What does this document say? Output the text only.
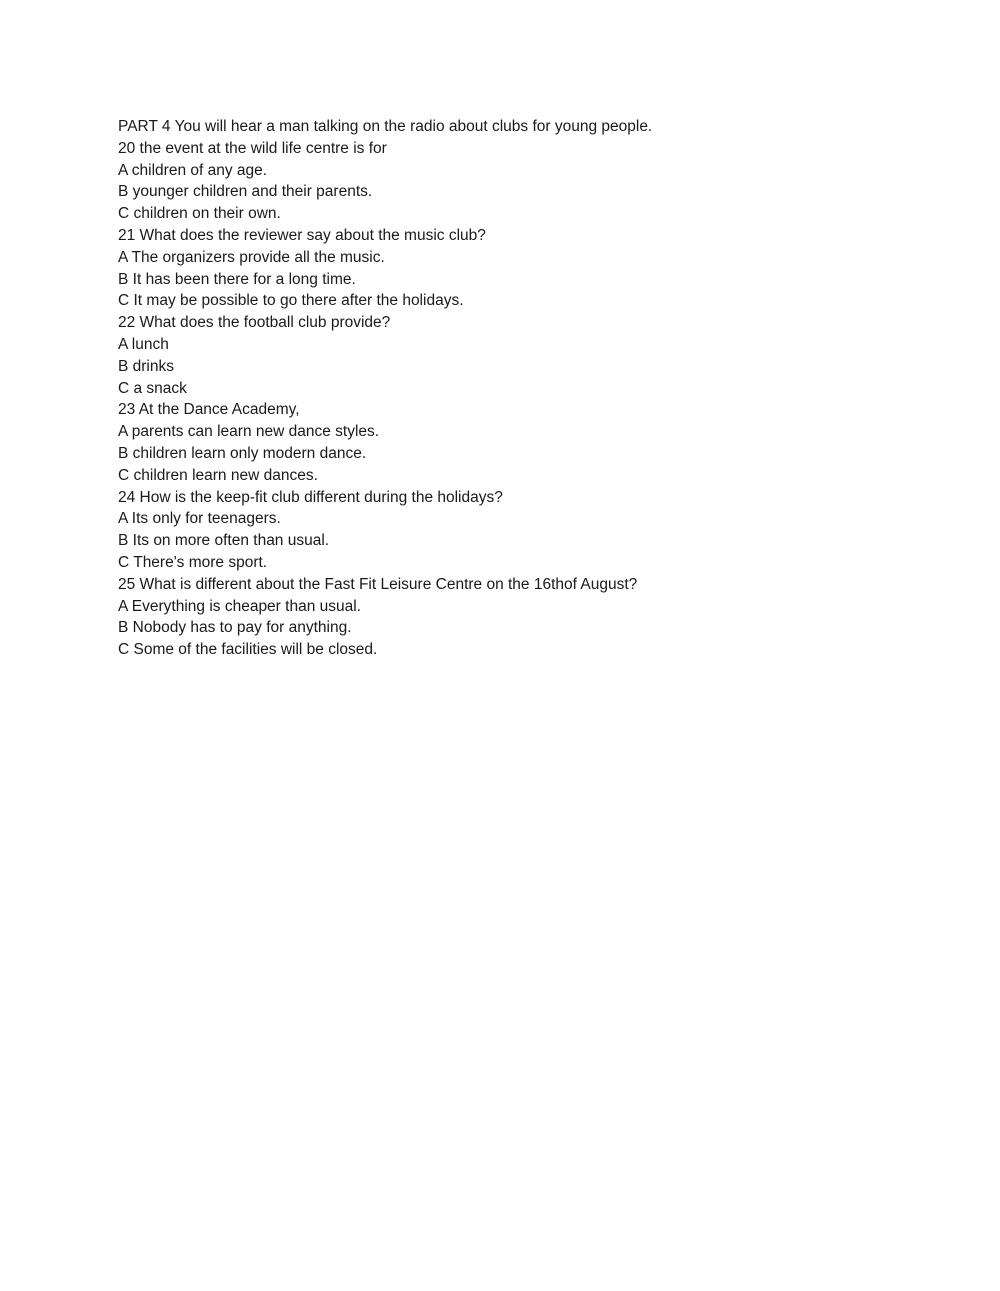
PART 4 You will hear a man talking on the radio about clubs for young people.
20 the event at the wild life centre is for
A children of any age.
B younger children and their parents.
C children on their own.
21 What does the reviewer say about the music club?
A The organizers provide all the music.
B It has been there for a long time.
C It may be possible to go there after the holidays.
22 What does the football club provide?
A lunch
B drinks
C a snack
23 At the Dance Academy,
A parents can learn new dance styles.
B children learn only modern dance.
C children learn new dances.
24 How is the keep-fit club different during the holidays?
A Its only for teenagers.
B Its on more often than usual.
C There's more sport.
25 What is different about the Fast Fit Leisure Centre on the 16thof August?
A Everything is cheaper than usual.
B Nobody has to pay for anything.
C Some of the facilities will be closed.
